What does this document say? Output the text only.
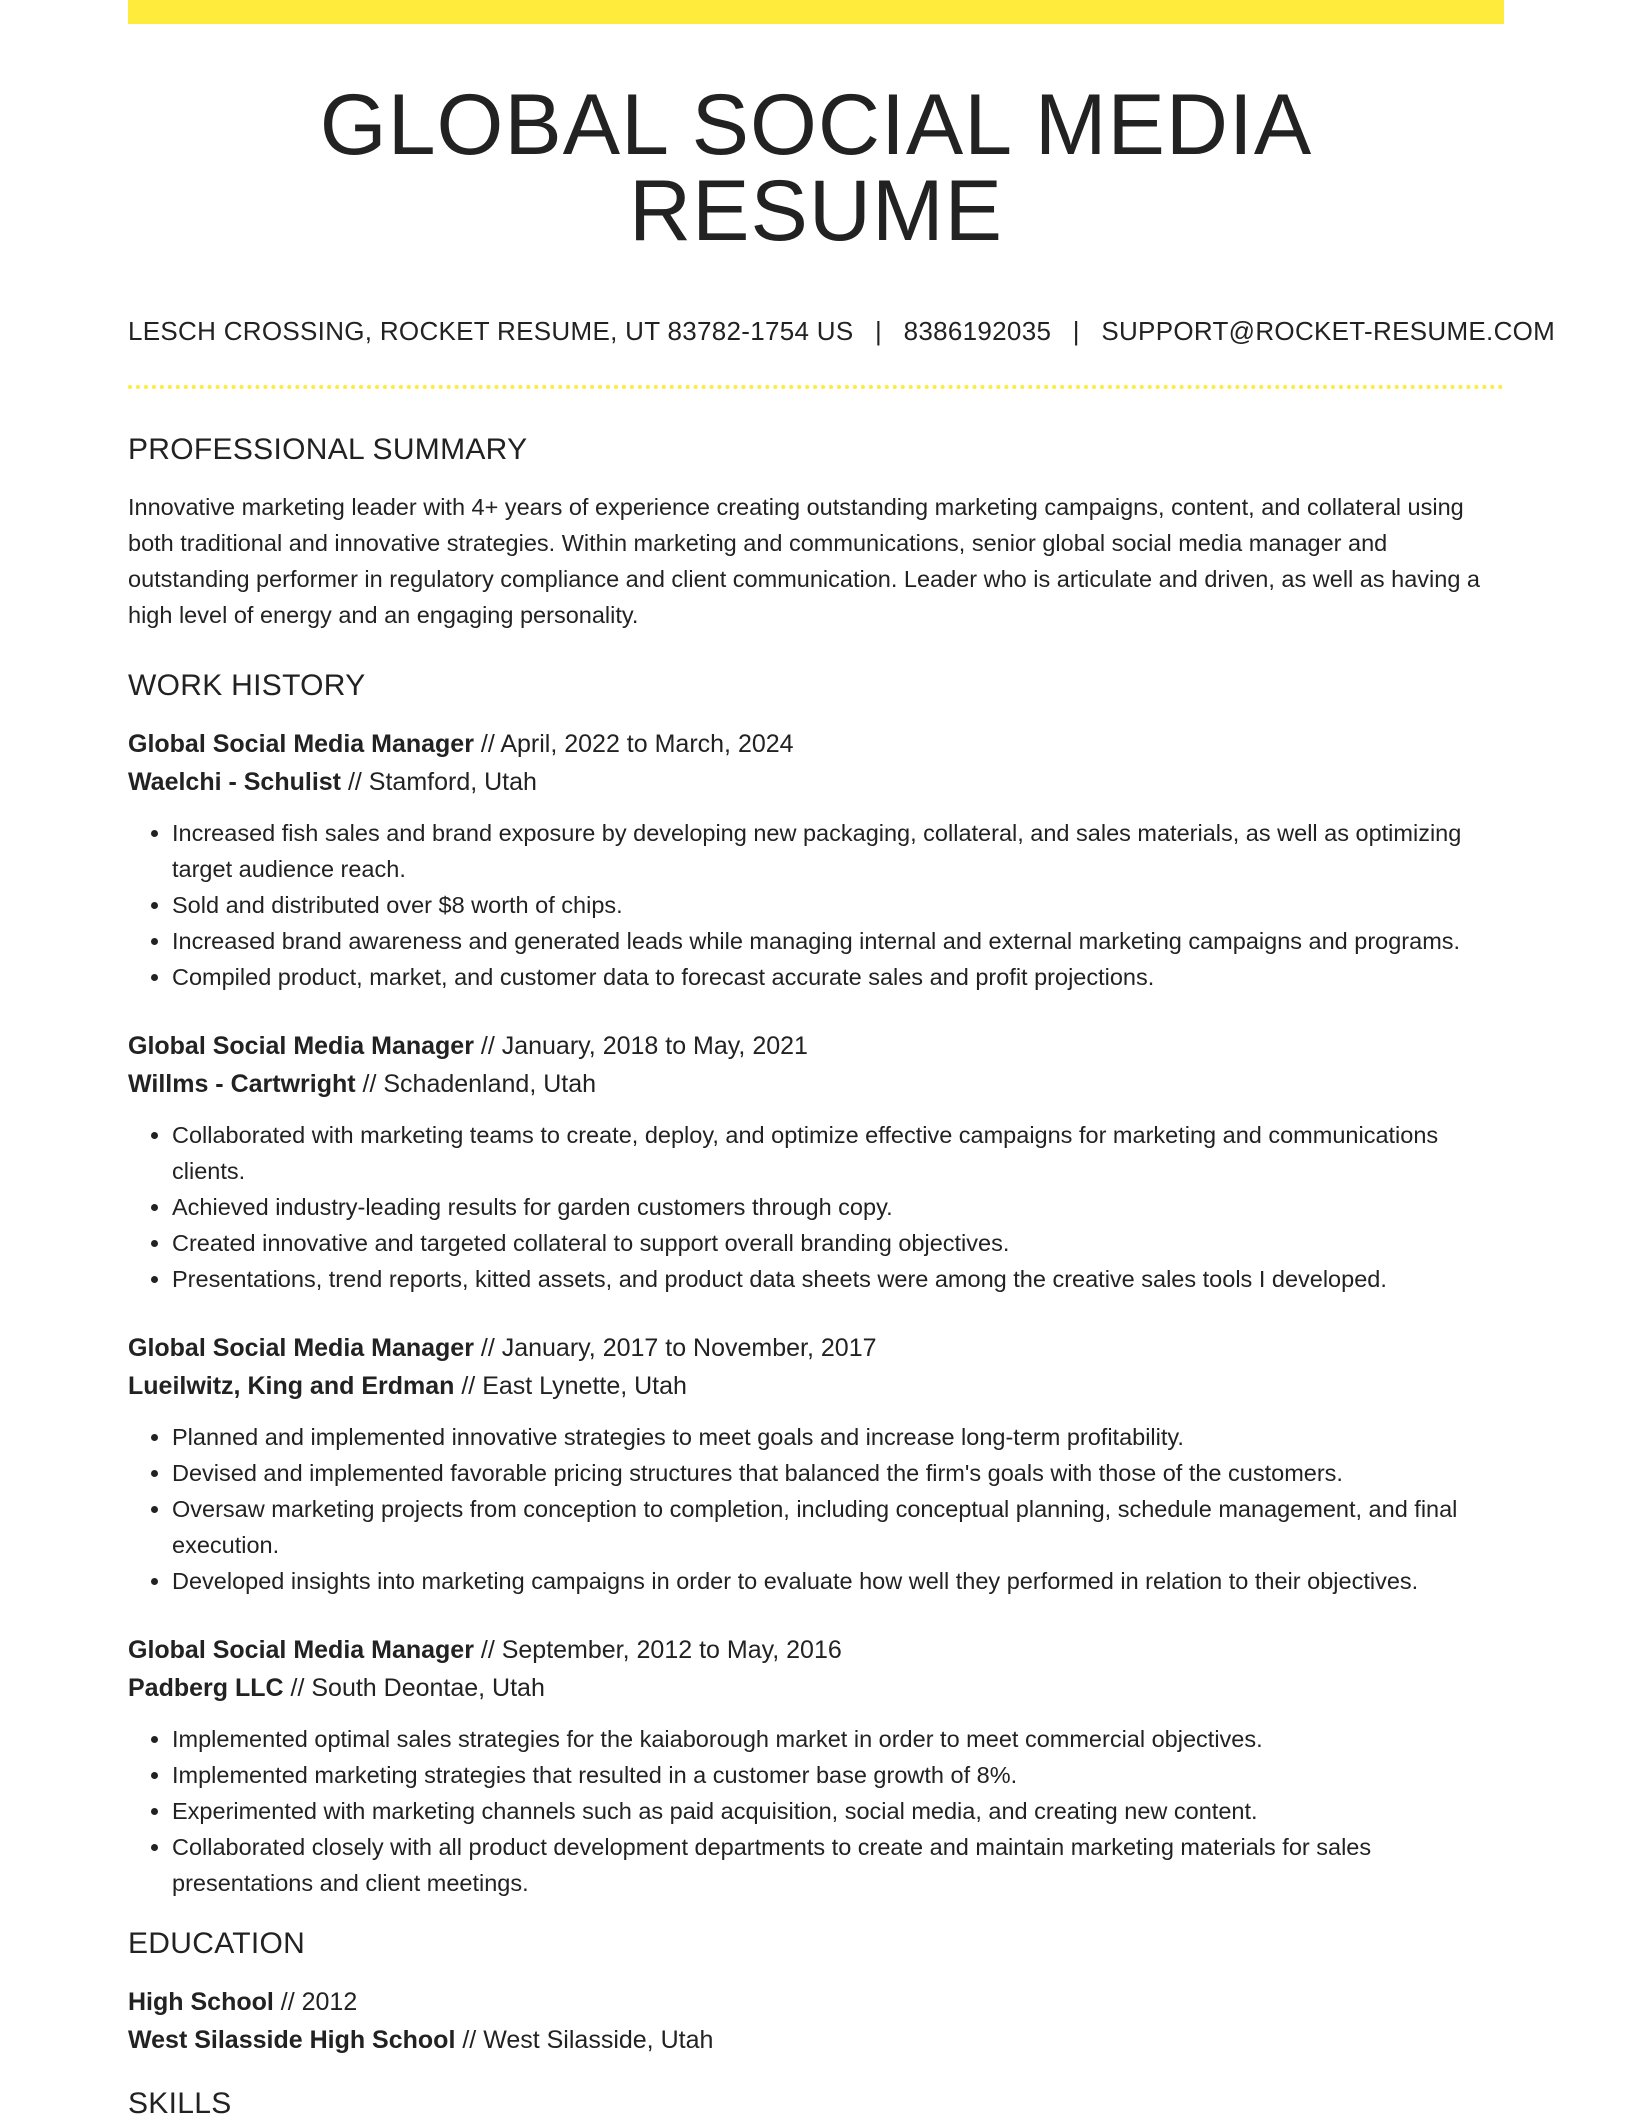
GLOBAL SOCIAL MEDIA RESUME
LESCH CROSSING, ROCKET RESUME, UT 83782-1754 US | 8386192035 | SUPPORT@ROCKET-RESUME.COM
PROFESSIONAL SUMMARY

Innovative marketing leader with 4+ years of experience creating outstanding marketing campaigns, content, and collateral using both traditional and innovative strategies. Within marketing and communications, senior global social media manager and outstanding performer in regulatory compliance and client communication. Leader who is articulate and driven, as well as having a high level of energy and an engaging personality.

WORK HISTORY
Global Social Media Manager // April, 2022 to March, 2024
Waelchi - Schulist // Stamford, Utah
• Increased fish sales and brand exposure by developing new packaging, collateral, and sales materials, as well as optimizing target audience reach.
• Sold and distributed over $8 worth of chips.
• Increased brand awareness and generated leads while managing internal and external marketing campaigns and programs.
• Compiled product, market, and customer data to forecast accurate sales and profit projections.
Global Social Media Manager // January, 2018 to May, 2021
Willms - Cartwright // Schadenland, Utah
• Collaborated with marketing teams to create, deploy, and optimize effective campaigns for marketing and communications clients.
• Achieved industry-leading results for garden customers through copy.
• Created innovative and targeted collateral to support overall branding objectives.
• Presentations, trend reports, kitted assets, and product data sheets were among the creative sales tools I developed.
Global Social Media Manager // January, 2017 to November, 2017
Lueilwitz, King and Erdman // East Lynette, Utah
• Planned and implemented innovative strategies to meet goals and increase long-term profitability.
• Devised and implemented favorable pricing structures that balanced the firm's goals with those of the customers.
• Oversaw marketing projects from conception to completion, including conceptual planning, schedule management, and final execution.
• Developed insights into marketing campaigns in order to evaluate how well they performed in relation to their objectives.
Global Social Media Manager // September, 2012 to May, 2016
Padberg LLC // South Deontae, Utah
• Implemented optimal sales strategies for the kaiaborough market in order to meet commercial objectives.
• Implemented marketing strategies that resulted in a customer base growth of 8%.
• Experimented with marketing channels such as paid acquisition, social media, and creating new content.
• Collaborated closely with all product development departments to create and maintain marketing materials for sales presentations and client meetings.
EDUCATION
High School // 2012
West Silasside High School // West Silasside, Utah
SKILLS
